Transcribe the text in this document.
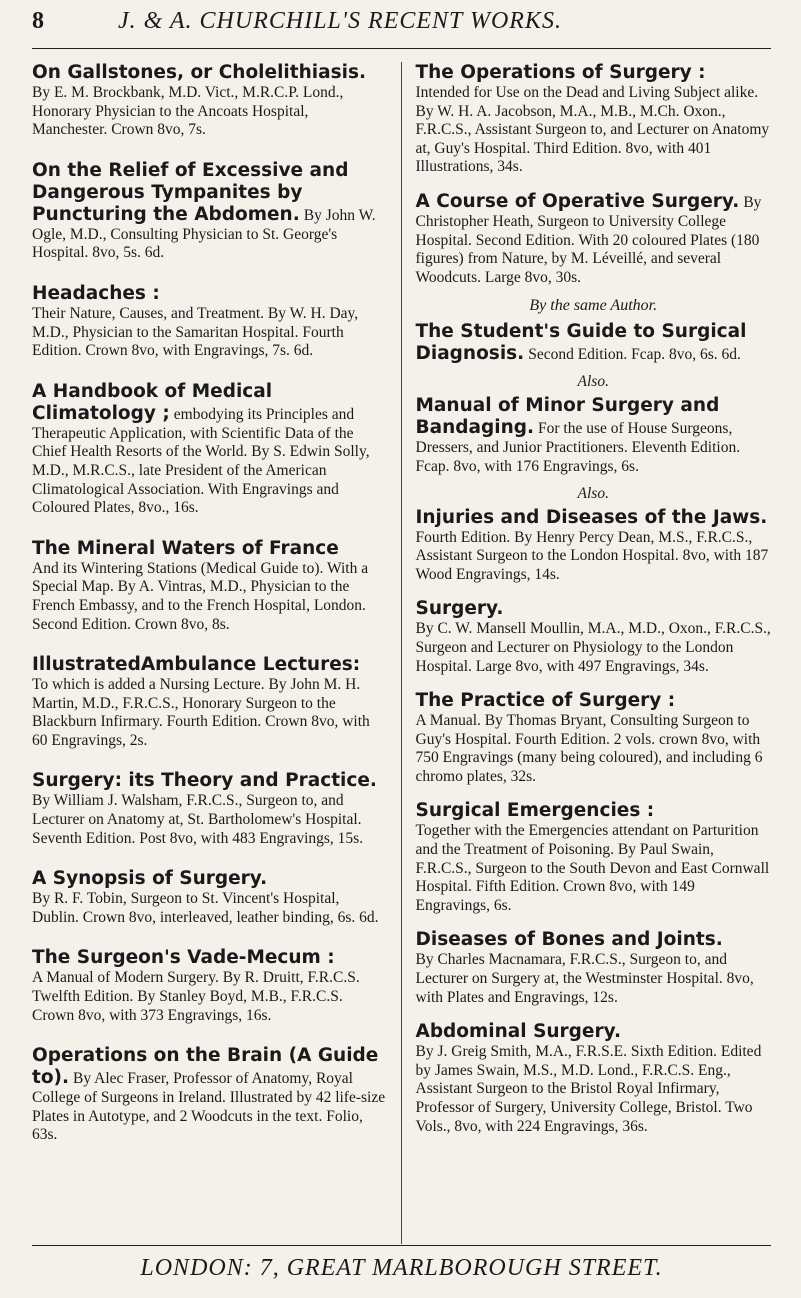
8	J. & A. CHURCHILL'S RECENT WORKS.
On Gallstones, or Cholelithiasis. By E. M. Brockbank, M.D. Vict., M.R.C.P. Lond., Honorary Physician to the Ancoats Hospital, Manchester. Crown 8vo, 7s.
On the Relief of Excessive and Dangerous Tympanites by Puncturing the Abdomen. By John W. Ogle, M.D., Consulting Physician to St. George's Hospital. 8vo, 5s. 6d.
Headaches :
Their Nature, Causes, and Treatment. By W. H. Day, M.D., Physician to the Samaritan Hospital. Fourth Edition. Crown 8vo, with Engravings, 7s. 6d.
A Handbook of Medical Climatology ; embodying its Principles and Therapeutic Application, with Scientific Data of the Chief Health Resorts of the World. By S. Edwin Solly, M.D., M.R.C.S., late President of the American Climatological Association. With Engravings and Coloured Plates, 8vo., 16s.
The Mineral Waters of France
And its Wintering Stations (Medical Guide to). With a Special Map. By A. Vintras, M.D., Physician to the French Embassy, and to the French Hospital, London. Second Edition. Crown 8vo, 8s.
IllustratedAmbulance Lectures:
To which is added a Nursing Lecture. By John M. H. Martin, M.D., F.R.C.S., Honorary Surgeon to the Blackburn Infirmary. Fourth Edition. Crown 8vo, with 60 Engravings, 2s.
Surgery: its Theory and Practice. By William J. Walsham, F.R.C.S., Surgeon to, and Lecturer on Anatomy at, St. Bartholomew's Hospital. Seventh Edition. Post 8vo, with 483 Engravings, 15s.
A Synopsis of Surgery.
By R. F. Tobin, Surgeon to St. Vincent's Hospital, Dublin. Crown 8vo, interleaved, leather binding, 6s. 6d.
The Surgeon's Vade-Mecum :
A Manual of Modern Surgery. By R. Druitt, F.R.C.S. Twelfth Edition. By Stanley Boyd, M.B., F.R.C.S. Crown 8vo, with 373 Engravings, 16s.
Operations on the Brain (A Guide to). By Alec Fraser, Professor of Anatomy, Royal College of Surgeons in Ireland. Illustrated by 42 life-size Plates in Autotype, and 2 Woodcuts in the text. Folio, 63s.
The Operations of Surgery :
Intended for Use on the Dead and Living Subject alike. By W. H. A. Jacobson, M.A., M.B., M.Ch. Oxon., F.R.C.S., Assistant Surgeon to, and Lecturer on Anatomy at, Guy's Hospital. Third Edition. 8vo, with 401 Illustrations, 34s.
A Course of Operative Surgery. By Christopher Heath, Surgeon to University College Hospital. Second Edition. With 20 coloured Plates (180 figures) from Nature, by M. Léveillé, and several Woodcuts. Large 8vo, 30s.
By the same Author.
The Student's Guide to Surgical Diagnosis. Second Edition. Fcap. 8vo, 6s. 6d.
Also.
Manual of Minor Surgery and Bandaging. For the use of House Surgeons, Dressers, and Junior Practitioners. Eleventh Edition. Fcap. 8vo, with 176 Engravings, 6s.
Also.
Injuries and Diseases of the Jaws. Fourth Edition. By Henry Percy Dean, M.S., F.R.C.S., Assistant Surgeon to the London Hospital. 8vo, with 187 Wood Engravings, 14s.
Surgery.
By C. W. Mansell Moullin, M.A., M.D., Oxon., F.R.C.S., Surgeon and Lecturer on Physiology to the London Hospital. Large 8vo, with 497 Engravings, 34s.
The Practice of Surgery :
A Manual. By Thomas Bryant, Consulting Surgeon to Guy's Hospital. Fourth Edition. 2 vols. crown 8vo, with 750 Engravings (many being coloured), and including 6 chromo plates, 32s.
Surgical Emergencies :
Together with the Emergencies attendant on Parturition and the Treatment of Poisoning. By Paul Swain, F.R.C.S., Surgeon to the South Devon and East Cornwall Hospital. Fifth Edition. Crown 8vo, with 149 Engravings, 6s.
Diseases of Bones and Joints.
By Charles Macnamara, F.R.C.S., Surgeon to, and Lecturer on Surgery at, the Westminster Hospital. 8vo, with Plates and Engravings, 12s.
Abdominal Surgery.
By J. Greig Smith, M.A., F.R.S.E. Sixth Edition. Edited by James Swain, M.S., M.D. Lond., F.R.C.S. Eng., Assistant Surgeon to the Bristol Royal Infirmary, Professor of Surgery, University College, Bristol. Two Vols., 8vo, with 224 Engravings, 36s.
LONDON: 7, GREAT MARLBOROUGH STREET.
